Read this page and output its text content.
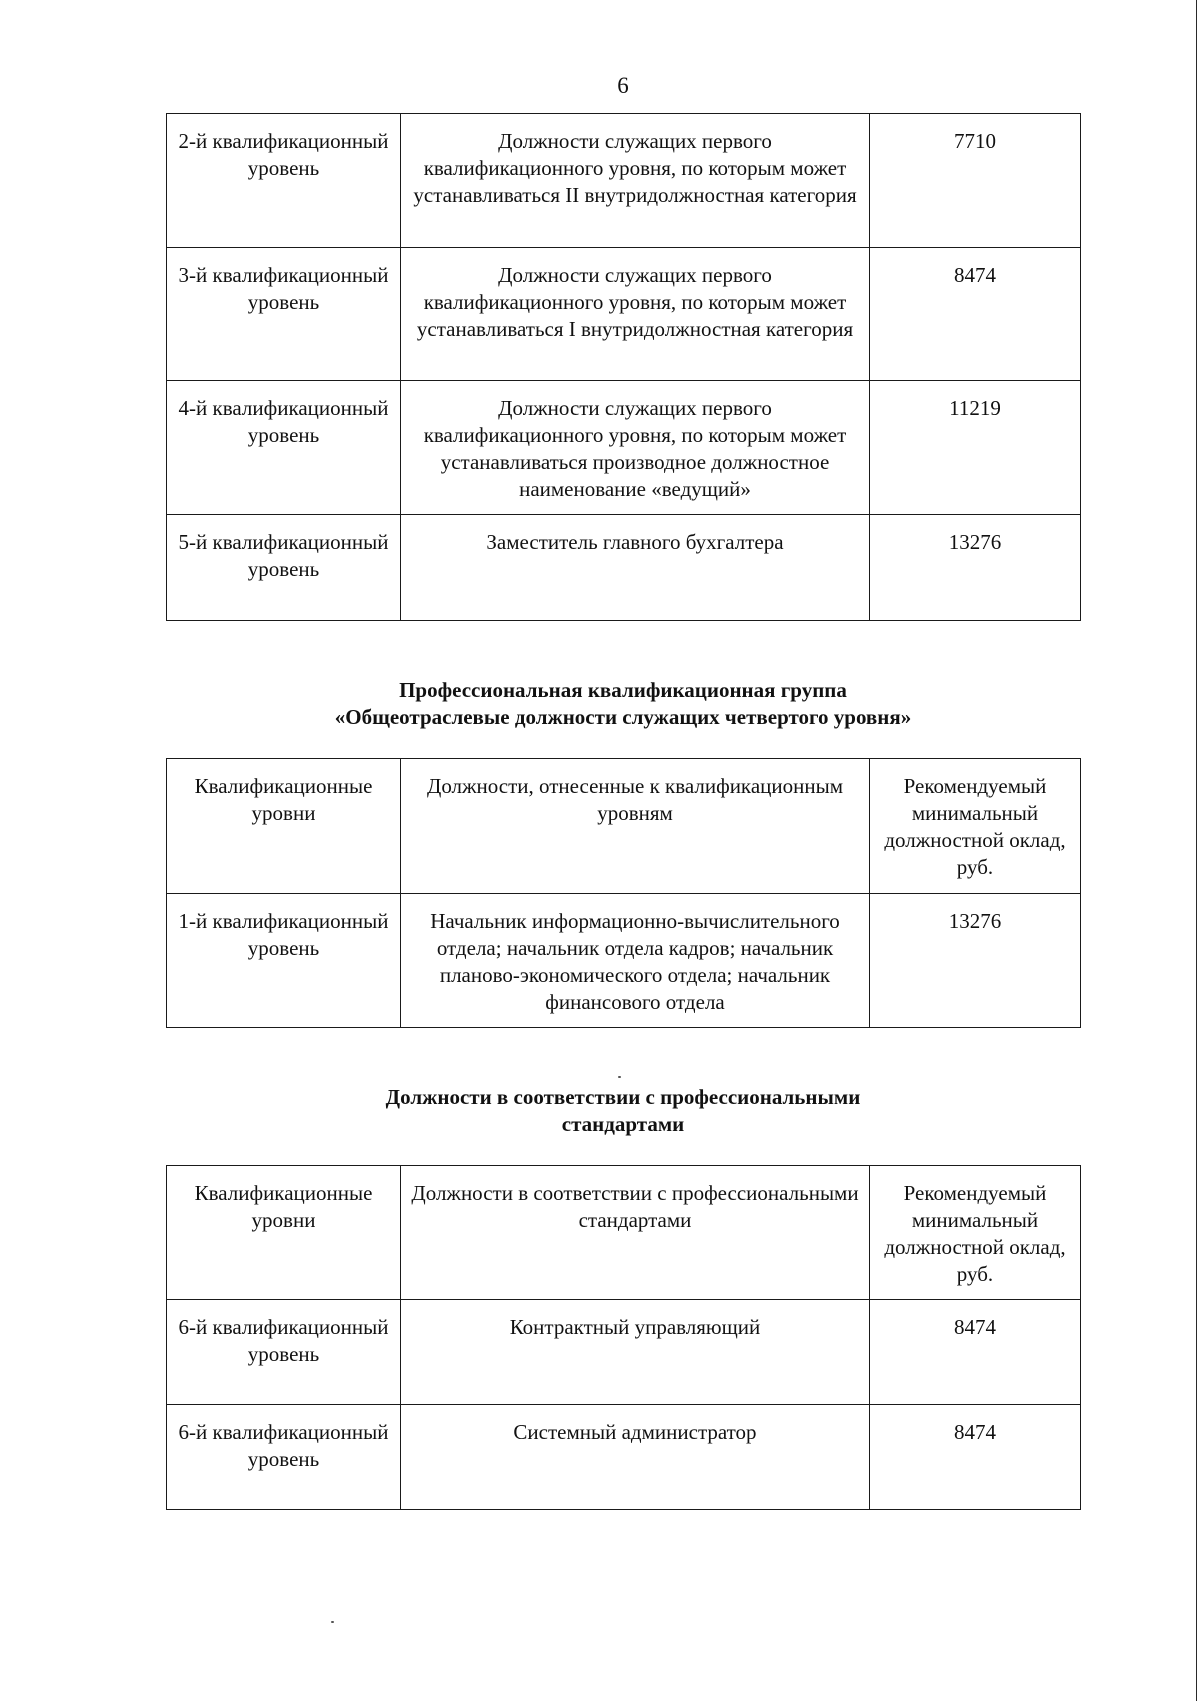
6
2-й квалификационный уровень	Должности служащих первого квалификационного уровня, по которым может устанавливаться II внутридолжностная категория	7710
3-й квалификационный уровень	Должности служащих первого квалификационного уровня, по которым может устанавливаться I внутридолжностная категория	8474
4-й квалификационный уровень	Должности служащих первого квалификационного уровня, по которым может устанавливаться производное должностное наименование «ведущий»	11219
5-й квалификационный уровень	Заместитель главного бухгалтера	13276
Профессиональная квалификационная группа
«Общеотраслевые должности служащих четвертого уровня»
Квалификационные уровни	Должности, отнесенные к квалификационным уровням	Рекомендуемый минимальный должностной оклад, руб.
1-й квалификационный уровень	Начальник информационно-вычислительного отдела; начальник отдела кадров; начальник планово-экономического отдела; начальник финансового отдела	13276
Должности в соответствии с профессиональными
стандартами
Квалификационные уровни	Должности в соответствии с профессиональными стандартами	Рекомендуемый минимальный должностной оклад, руб.
6-й квалификационный уровень	Контрактный управляющий	8474
6-й квалификационный уровень	Системный администратор	8474
